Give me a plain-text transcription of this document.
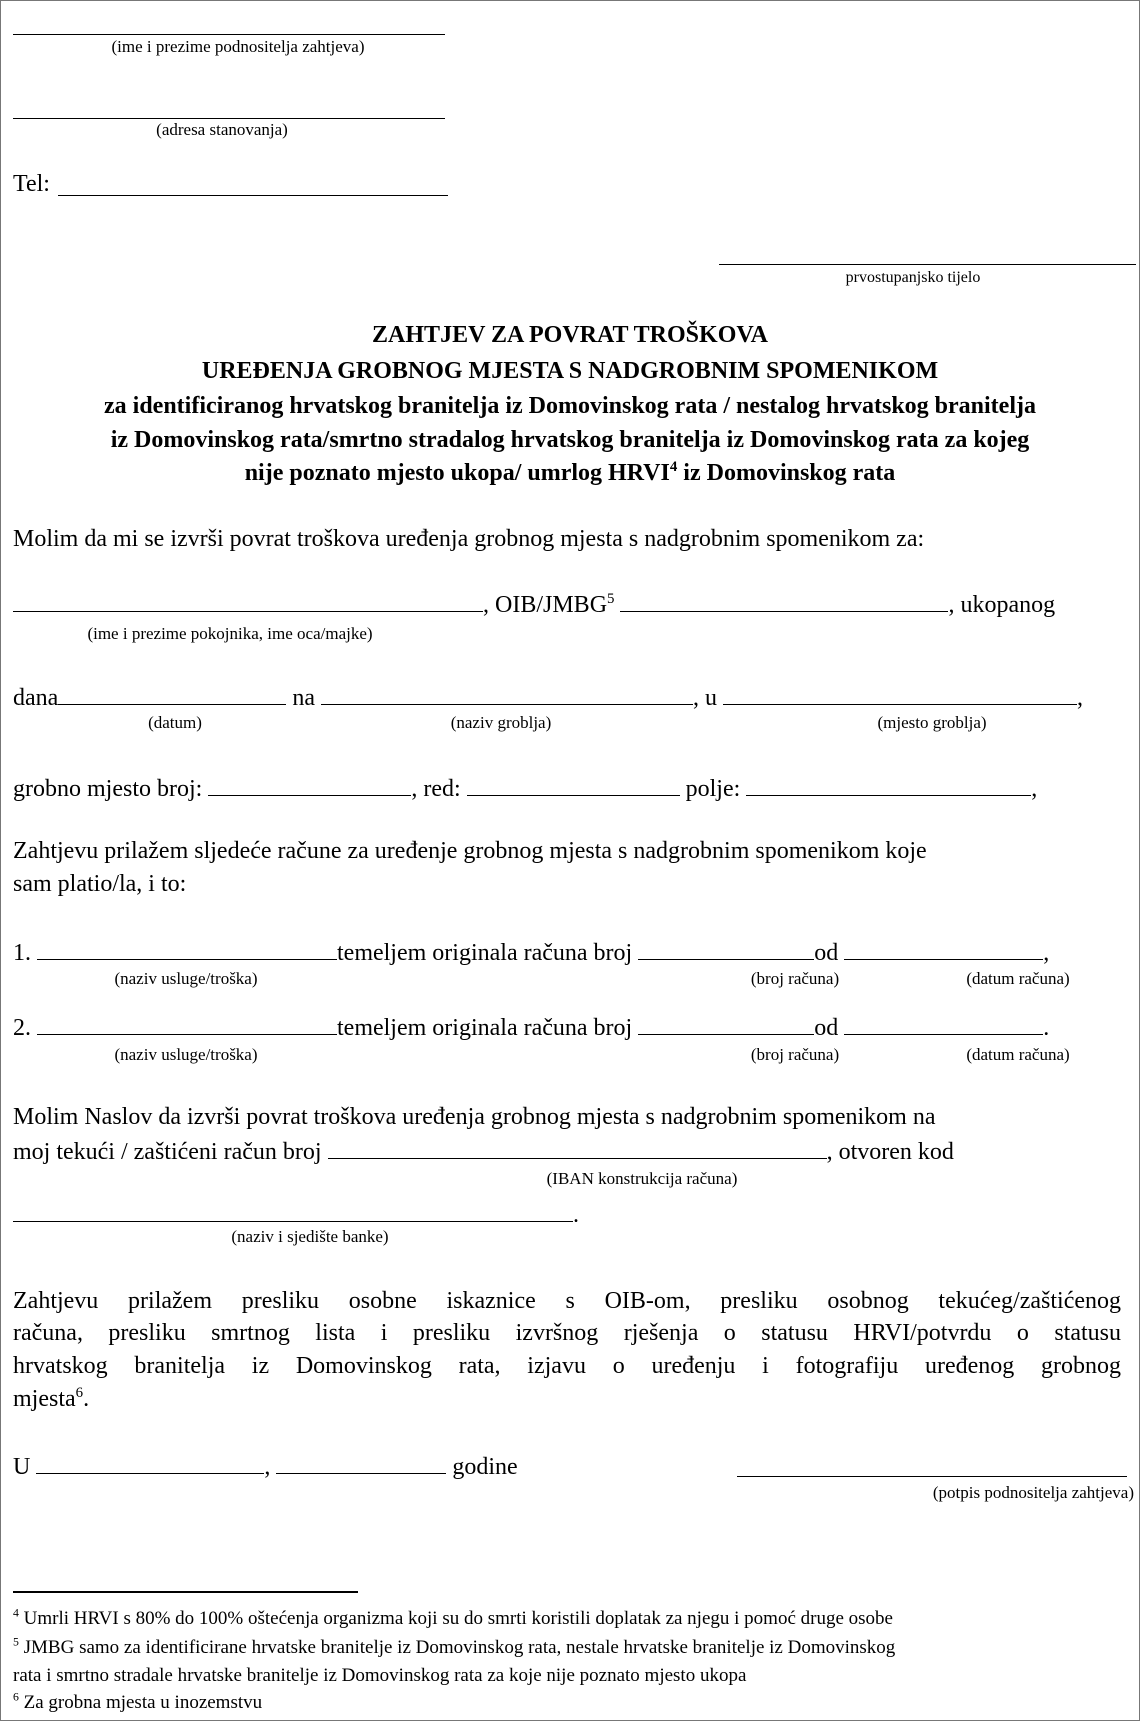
(ime i prezime podnositelja zahtjeva)
(adresa stanovanja)
Tel:
prvostupanjsko tijelo
ZAHTJEV ZA POVRAT TROŠKOVA
UREĐENJA GROBNOG MJESTA S NADGROBNIM SPOMENIKOM
za identificiranog hrvatskog branitelja iz Domovinskog rata / nestalog hrvatskog branitelja
iz Domovinskog rata/smrtno stradalog hrvatskog branitelja iz Domovinskog rata za kojeg
nije poznato mjesto ukopa/ umrlog HRVI$^4$ iz Domovinskog rata
Molim da mi se izvrši povrat troškova uređenja grobnog mjesta s nadgrobnim spomenikom za:
, OIB/JMBG$^5$	, ukopanog
(ime i prezime pokojnika, ime oca/majke)
dana	na	, u	,
(datum)	(naziv groblja)	(mjesto groblja)
grobno mjesto broj:	, red:	polje:	,
Zahtjevu prilažem sljedeće račune za uređenje grobnog mjesta s nadgrobnim spomenikom koje
sam platio/la, i to:
1.	temeljem originala računa broj	od	,
(naziv usluge/troška)	(broj računa)	(datum računa)
2.	temeljem originala računa broj	od	.
(naziv usluge/troška)	(broj računa)	(datum računa)
Molim Naslov da izvrši povrat troškova uređenja grobnog mjesta s nadgrobnim spomenikom na
moj tekući / zaštićeni račun broj	, otvoren kod
(IBAN konstrukcija računa)
.
(naziv i sjedište banke)
Zahtjevu prilažem presliku osobne iskaznice s OIB-om, presliku osobnog tekućeg/zaštićenog
računa, presliku smrtnog lista i presliku izvršnog rješenja o statusu HRVI/potvrdu o statusu
hrvatskog branitelja iz Domovinskog rata, izjavu o uređenju i fotografiju uređenog grobnog
mjesta$^6$.
U	,	godine
(potpis podnositelja zahtjeva)
$^4$ Umrli HRVI s 80% do 100% oštećenja organizma koji su do smrti koristili doplatak za njegu i pomoć druge osobe
$^5$ JMBG samo za identificirane hrvatske branitelje iz Domovinskog rata, nestale hrvatske branitelje iz Domovinskog
rata i smrtno stradale hrvatske branitelje iz Domovinskog rata za koje nije poznato mjesto ukopa
$^6$ Za grobna mjesta u inozemstvu
